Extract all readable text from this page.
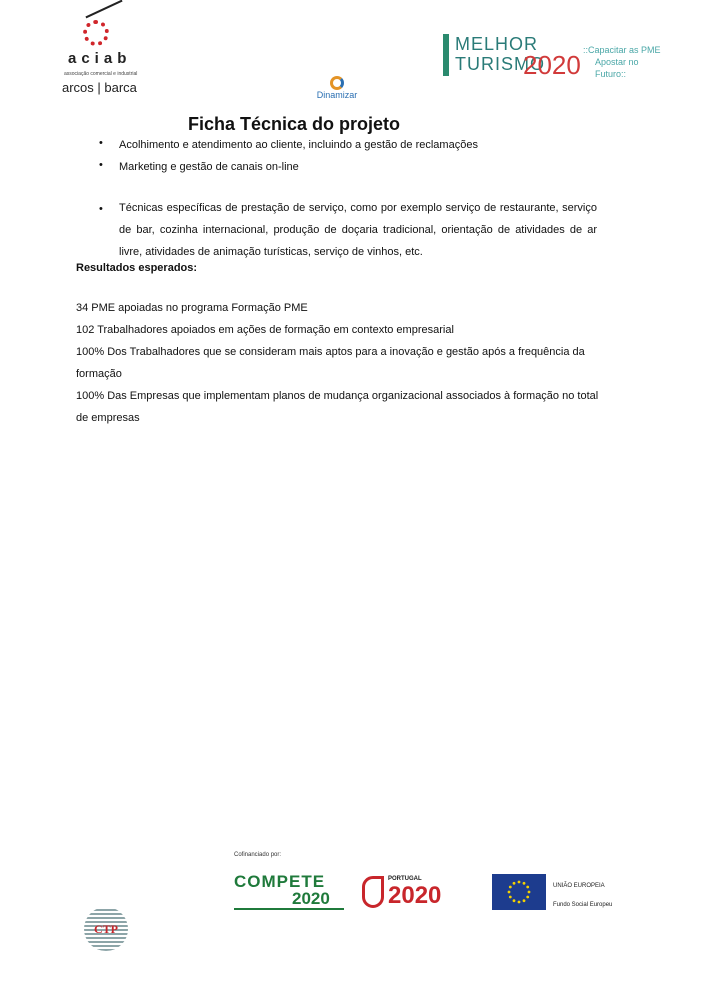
aciab
associação comercial e industrial
arcos | barca
MELHOR
TURISMO
2020 ::Capacitar as PME
Apostar no Futuro::
Dinamizar
Ficha Técnica do projeto
• Acolhimento e atendimento ao cliente, incluindo a gestão de reclamações
• Marketing e gestão de canais on-line
• Técnicas específicas de prestação de serviço, como por exemplo serviço de restaurante, serviço de bar, cozinha internacional, produção de doçaria tradicional, orientação de atividades de ar livre, atividades de animação turísticas, serviço de vinhos, etc.
Resultados esperados:
34 PME apoiadas no programa Formação PME
102 Trabalhadores apoiados em ações de formação em contexto empresarial
100% Dos Trabalhadores que se consideram mais aptos para a inovação e gestão após a frequência da formação
100% Das Empresas que implementam planos de mudança organizacional associados à formação no total de empresas
Cofinanciado por:
COMPETE
2020
PORTUGAL
2020	UNIÃO EUROPEIA
Fundo Social Europeu
CTP
